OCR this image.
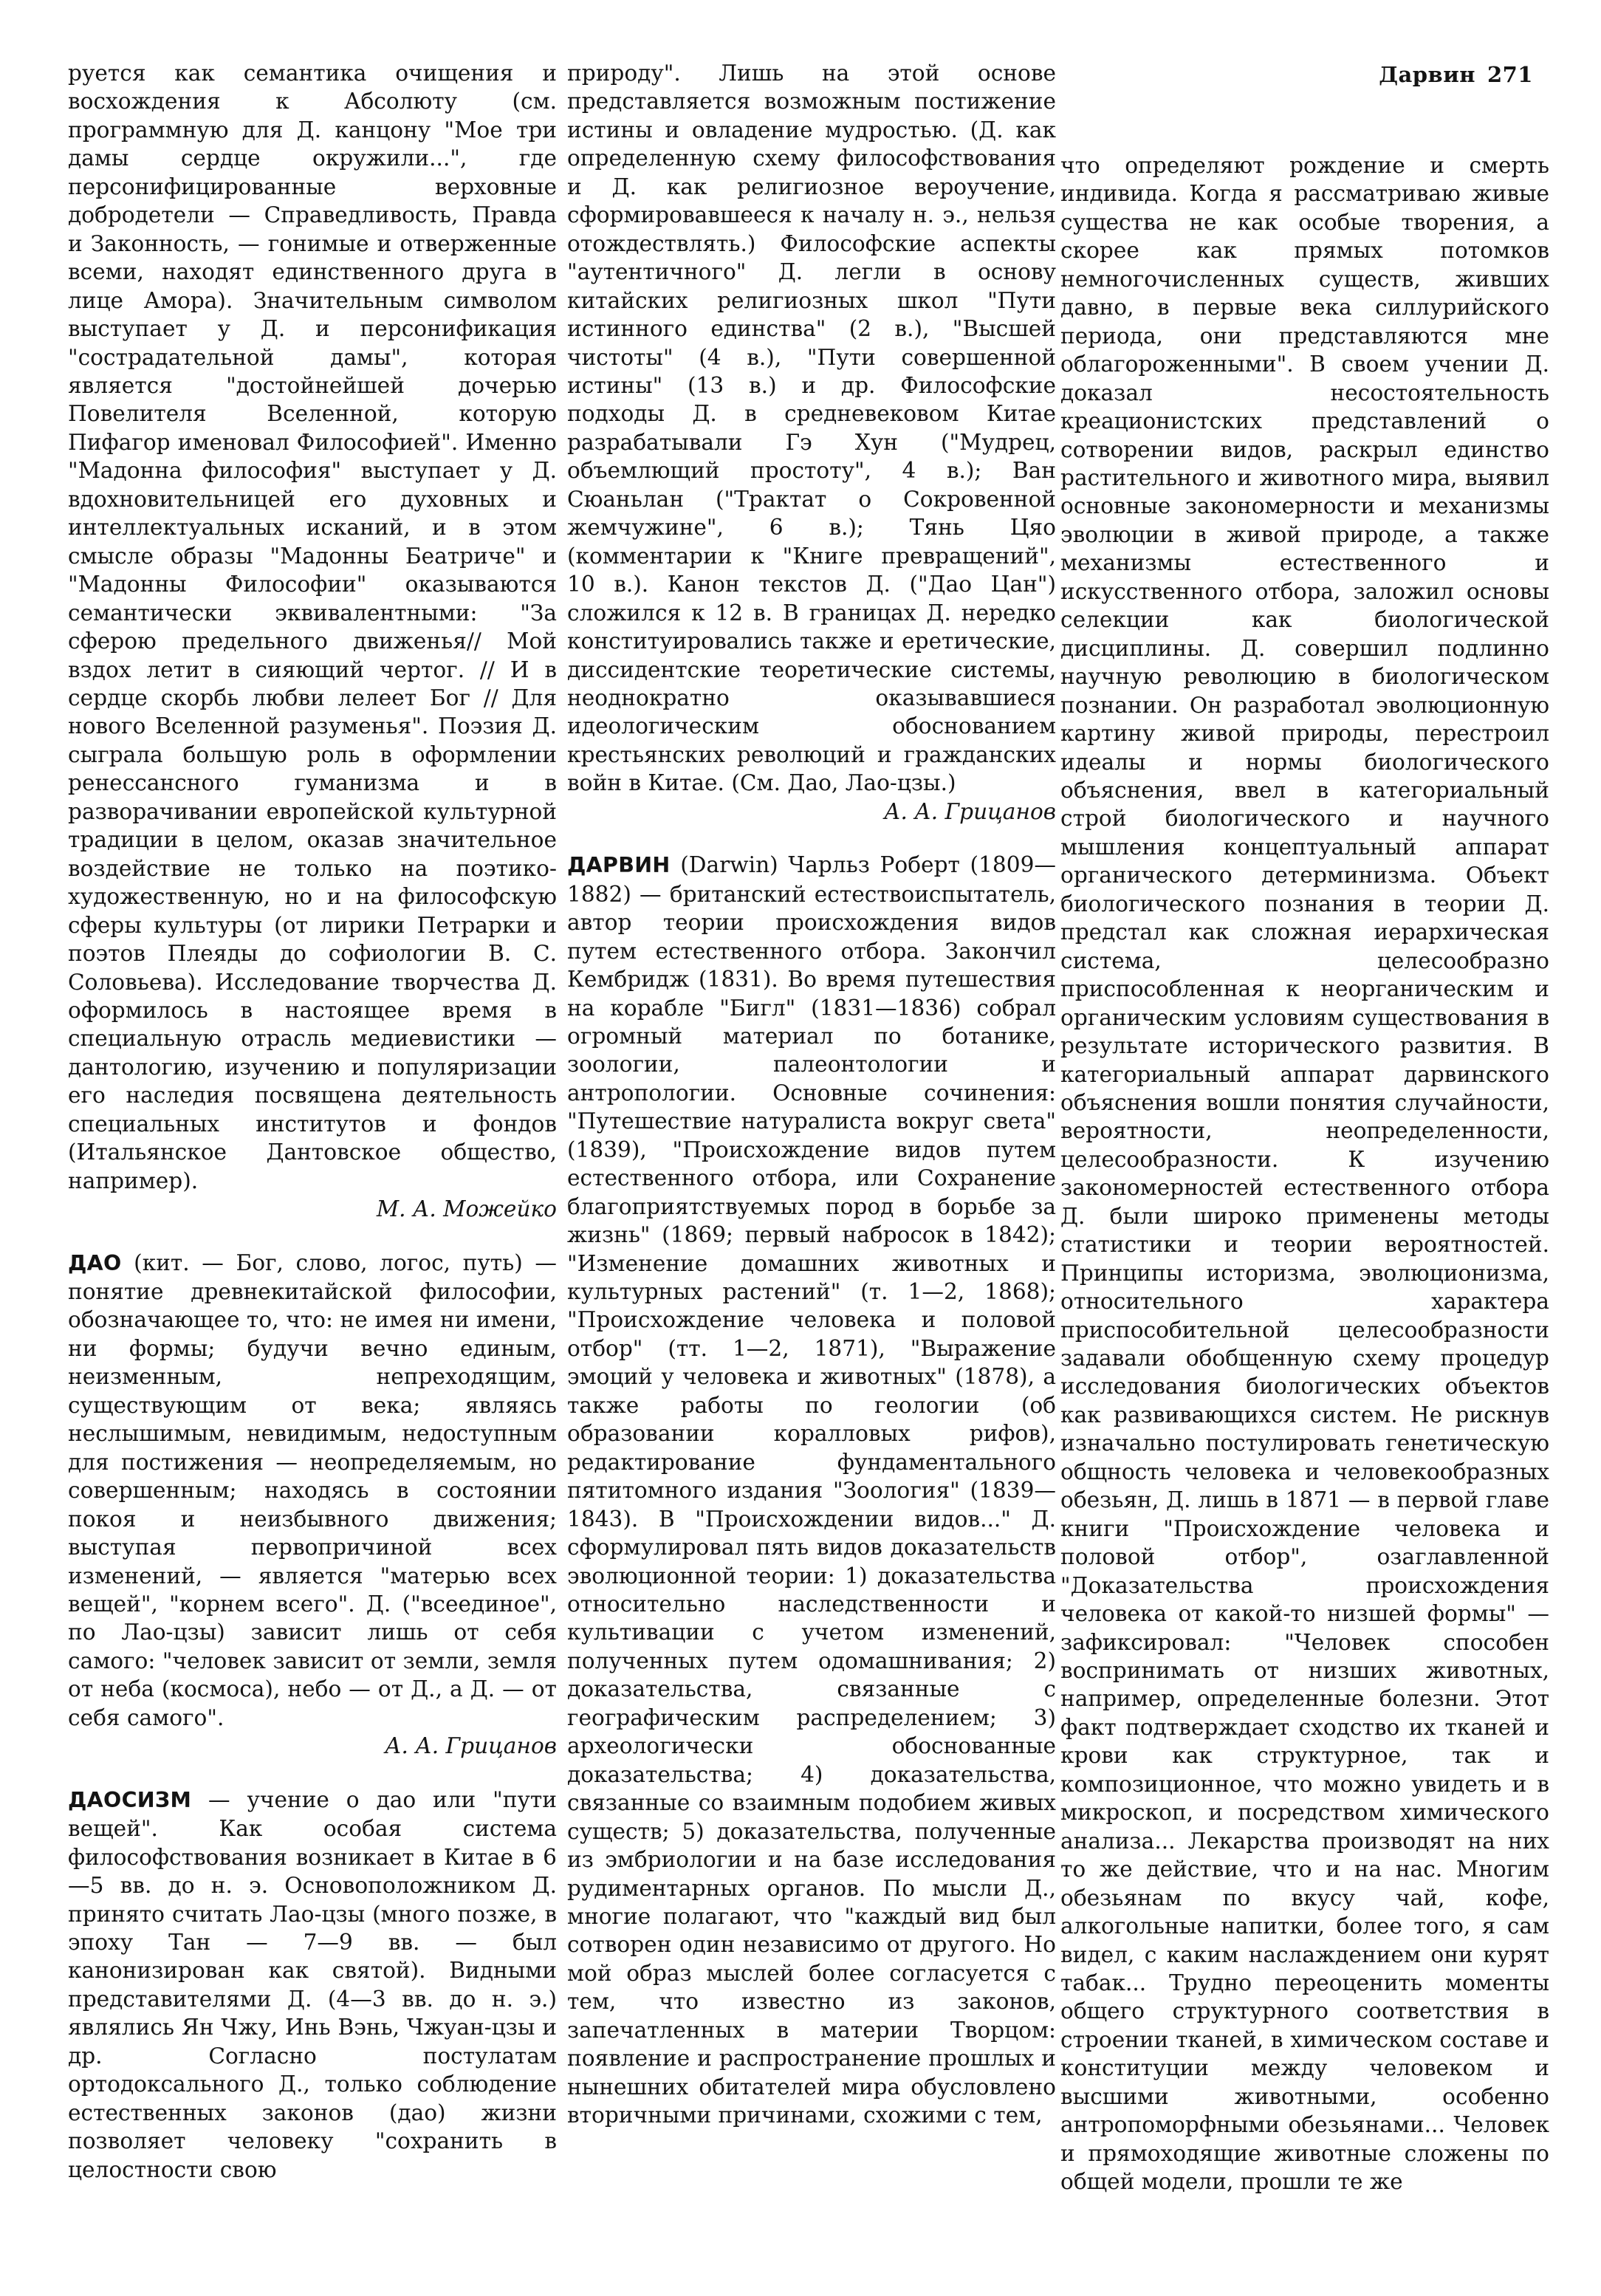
Дарвин 271

руется как семантика очищения и восхождения к Абсолюту (см. программную для Д. канцону "Мое три дамы сердце окружили...", где персонифицированные верховные добродетели — Справедливость, Правда и Законность, — гонимые и отверженные всеми, находят единственного друга в лице Амора). Значительным символом выступает у Д. и персонификация "сострадательной дамы", которая является "достойнейшей дочерью Повелителя Вселенной, которую Пифагор именовал Философией". Именно "Мадонна философия" выступает у Д. вдохновительницей его духовных и интеллектуальных исканий, и в этом смысле образы "Мадонны Беатриче" и "Мадонны Философии" оказываются семантически эквивалентными: "За сферою предельного движенья// Мой вздох летит в сияющий чертог. // И в сердце скорбь любви лелеет Бог // Для нового Вселенной разуменья". Поэзия Д. сыграла большую роль в оформлении ренессансного гуманизма и в разворачивании европейской культурной традиции в целом, оказав значительное воздействие не только на поэтико-художественную, но и на философскую сферы культуры (от лирики Петрарки и поэтов Плеяды до софиологии В. С. Соловьева). Исследование творчества Д. оформилось в настоящее время в специальную отрасль медиевистики — дантологию, изучению и популяризации его наследия посвящена деятельность специальных институтов и фондов (Итальянское Дантовское общество, например).

М. А. Можейко

ДАО (кит. — Бог, слово, логос, путь) — понятие древнекитайской философии, обозначающее то, что: не имея ни имени, ни формы; будучи вечно единым, неизменным, непреходящим, существующим от века; являясь неслышимым, невидимым, недоступным для постижения — неопределяемым, но совершенным; находясь в состоянии покоя и неизбывного движения; выступая первопричиной всех изменений, — является "матерью всех вещей", "корнем всего". Д. ("всеединое", по Лао-цзы) зависит лишь от себя самого: "человек зависит от земли, земля от неба (космоса), небо — от Д., а Д. — от себя самого".

А. А. Грицанов

ДАОСИЗМ — учение о дао или "пути вещей". Как особая система философствования возникает в Китае в 6—5 вв. до н. э. Основоположником Д. принято считать Лао-цзы (много позже, в эпоху Тан — 7—9 вв. — был канонизирован как святой). Видными представителями Д. (4—3 вв. до н. э.) являлись Ян Чжу, Инь Вэнь, Чжуан-цзы и др. Согласно постулатам ортодоксального Д., только соблюдение естественных законов (дао) жизни позволяет человеку "сохранить в целостности свою

природу". Лишь на этой основе представляется возможным постижение истины и овладение мудростью. (Д. как определенную схему философствования и Д. как религиозное вероучение, сформировавшееся к началу н. э., нельзя отождествлять.) Философские аспекты "аутентичного" Д. легли в основу китайских религиозных школ "Пути истинного единства" (2 в.), "Высшей чистоты" (4 в.), "Пути совершенной истины" (13 в.) и др. Философские подходы Д. в средневековом Китае разрабатывали Гэ Хун ("Мудрец, объемлющий простоту", 4 в.); Ван Сюаньлан ("Трактат о Сокровенной жемчужине", 6 в.); Тянь Цяо (комментарии к "Книге превращений", 10 в.). Канон текстов Д. ("Дао Цан") сложился к 12 в. В границах Д. нередко конституировались также и еретические, диссидентские теоретические системы, неоднократно оказывавшиеся идеологическим обоснованием крестьянских революций и гражданских войн в Китае. (См. Дао, Лао-цзы.)

А. А. Грицанов

ДАРВИН (Darwin) Чарльз Роберт (1809—1882) — британский естествоиспытатель, автор теории происхождения видов путем естественного отбора. Закончил Кембридж (1831). Во время путешествия на корабле "Бигл" (1831—1836) собрал огромный материал по ботанике, зоологии, палеонтологии и антропологии. Основные сочинения: "Путешествие натуралиста вокруг света" (1839), "Происхождение видов путем естественного отбора, или Сохранение благоприятствуемых пород в борьбе за жизнь" (1869; первый набросок в 1842); "Изменение домашних животных и культурных растений" (т. 1—2, 1868); "Происхождение человека и половой отбор" (тт. 1—2, 1871), "Выражение эмоций у человека и животных" (1878), а также работы по геологии (об образовании коралловых рифов), редактирование фундаментального пятитомного издания "Зоология" (1839—1843). В "Происхождении видов..." Д. сформулировал пять видов доказательств эволюционной теории: 1) доказательства относительно наследственности и культивации с учетом изменений, полученных путем одомашнивания; 2) доказательства, связанные с географическим распределением; 3) археологически обоснованные доказательства; 4) доказательства, связанные со взаимным подобием живых существ; 5) доказательства, полученные из эмбриологии и на базе исследования рудиментарных органов. По мысли Д., многие полагают, что "каждый вид был сотворен один независимо от другого. Но мой образ мыслей более согласуется с тем, что известно из законов, запечатленных в материи Творцом: появление и распространение прошлых и нынешних обитателей мира обусловлено вторичными причинами, схожими с тем,

что определяют рождение и смерть индивида. Когда я рассматриваю живые существа не как особые творения, а скорее как прямых потомков немногочисленных существ, живших давно, в первые века силлурийского периода, они представляются мне облагороженными". В своем учении Д. доказал несостоятельность креационистских представлений о сотворении видов, раскрыл единство растительного и животного мира, выявил основные закономерности и механизмы эволюции в живой природе, а также механизмы естественного и искусственного отбора, заложил основы селекции как биологической дисциплины. Д. совершил подлинно научную революцию в биологическом познании. Он разработал эволюционную картину живой природы, перестроил идеалы и нормы биологического объяснения, ввел в категориальный строй биологического и научного мышления концептуальный аппарат органического детерминизма. Объект биологического познания в теории Д. предстал как сложная иерархическая система, целесообразно приспособленная к неорганическим и органическим условиям существования в результате исторического развития. В категориальный аппарат дарвинского объяснения вошли понятия случайности, вероятности, неопределенности, целесообразности. К изучению закономерностей естественного отбора Д. были широко применены методы статистики и теории вероятностей. Принципы историзма, эволюционизма, относительного характера приспособительной целесообразности задавали обобщенную схему процедур исследования биологических объектов как развивающихся систем. Не рискнув изначально постулировать генетическую общность человека и человекообразных обезьян, Д. лишь в 1871 — в первой главе книги "Происхождение человека и половой отбор", озаглавленной "Доказательства происхождения человека от какой-то низшей формы" — зафиксировал: "Человек способен воспринимать от низших животных, например, определенные болезни. Этот факт подтверждает сходство их тканей и крови как структурное, так и композиционное, что можно увидеть и в микроскоп, и посредством химического анализа... Лекарства производят на них то же действие, что и на нас. Многим обезьянам по вкусу чай, кофе, алкогольные напитки, более того, я сам видел, с каким наслаждением они курят табак... Трудно переоценить моменты общего структурного соответствия в строении тканей, в химическом составе и конституции между человеком и высшими животными, особенно антропоморфными обезьянами... Человек и прямоходящие животные сложены по общей модели, прошли те же
